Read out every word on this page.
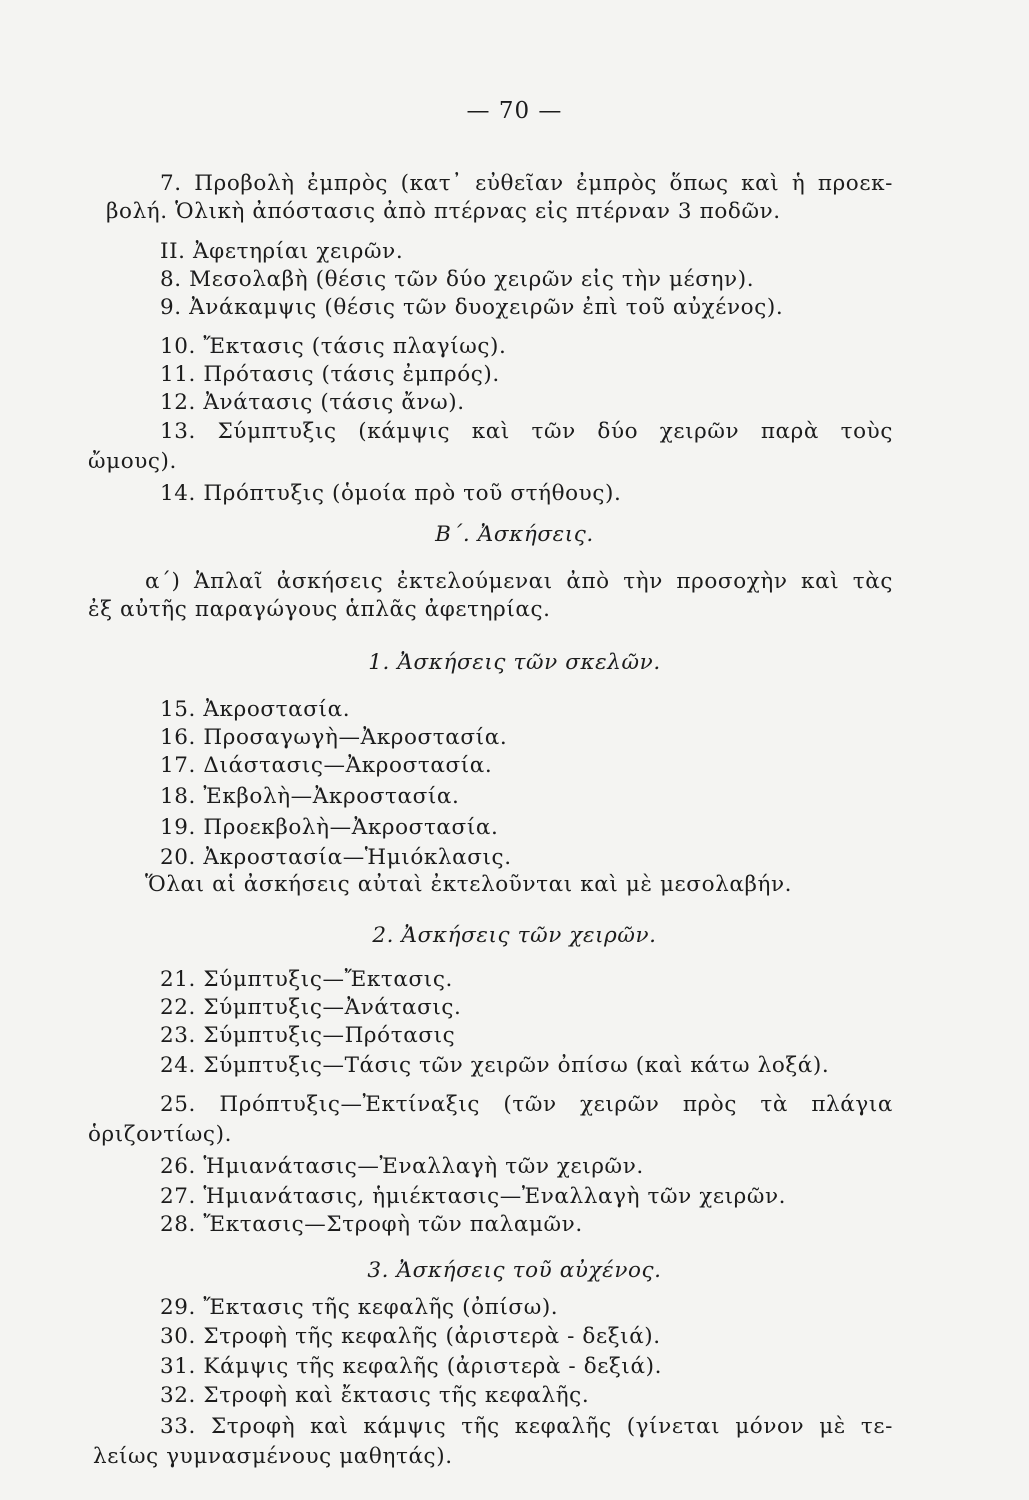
— 70 —
7. Προβολὴ ἐμπρὸς (κατ᾽ εὐθεῖαν ἐμπρὸς ὅπως καὶ ἡ προεκ-
βολή. Ὁλικὴ ἀπόστασις ἀπὸ πτέρνας εἰς πτέρναν 3 ποδῶν.
ΙΙ. Ἀφετηρίαι χειρῶν.
8. Μεσολαβὴ (θέσις τῶν δύο χειρῶν εἰς τὴν μέσην).
9. Ἀνάκαμψις (θέσις τῶν δυοχειρῶν ἐπὶ τοῦ αὐχένος).
10. Ἔκτασις (τάσις πλαγίως).
11. Πρότασις (τάσις ἐμπρός).
12. Ἀνάτασις (τάσις ἄνω).
13. Σύμπτυξις (κάμψις καὶ τῶν δύο χειρῶν παρὰ τοὺς
ὤμους).
14. Πρόπτυξις (ὁμοία πρὸ τοῦ στήθους).
Β΄. Ἀσκήσεις.
α΄) Ἁπλαῖ ἀσκήσεις ἐκτελούμεναι ἀπὸ τὴν προσοχὴν καὶ τὰς
ἐξ αὐτῆς παραγώγους ἁπλᾶς ἀφετηρίας.
1. Ἀσκήσεις τῶν σκελῶν.
15. Ἀκροστασία.
16. Προσαγωγὴ—Ἀκροστασία.
17. Διάστασις—Ἀκροστασία.
18. Ἐκβολὴ—Ἀκροστασία.
19. Προεκβολὴ—Ἀκροστασία.
20. Ἀκροστασία—Ἡμιόκλασις.
Ὅλαι αἱ ἀσκήσεις αὐταὶ ἐκτελοῦνται καὶ μὲ μεσολαβήν.
2. Ἀσκήσεις τῶν χειρῶν.
21. Σύμπτυξις—Ἔκτασις.
22. Σύμπτυξις—Ἀνάτασις.
23. Σύμπτυξις—Πρότασις
24. Σύμπτυξις—Τάσις τῶν χειρῶν ὀπίσω (καὶ κάτω λοξά).
25. Πρόπτυξις—Ἐκτίναξις (τῶν χειρῶν πρὸς τὰ πλάγια
ὁριζοντίως).
26. Ἡμιανάτασις—Ἐναλλαγὴ τῶν χειρῶν.
27. Ἡμιανάτασις, ἡμιέκτασις—Ἐναλλαγὴ τῶν χειρῶν.
28. Ἔκτασις—Στροφὴ τῶν παλαμῶν.
3. Ἀσκήσεις τοῦ αὐχένος.
29. Ἔκτασις τῆς κεφαλῆς (ὀπίσω).
30. Στροφὴ τῆς κεφαλῆς (ἀριστερὰ - δεξιά).
31. Κάμψις τῆς κεφαλῆς (ἀριστερὰ - δεξιά).
32. Στροφὴ καὶ ἔκτασις τῆς κεφαλῆς.
33. Στροφὴ καὶ κάμψις τῆς κεφαλῆς (γίνεται μόνον μὲ τε-
λείως γυμνασμένους μαθητάς).
